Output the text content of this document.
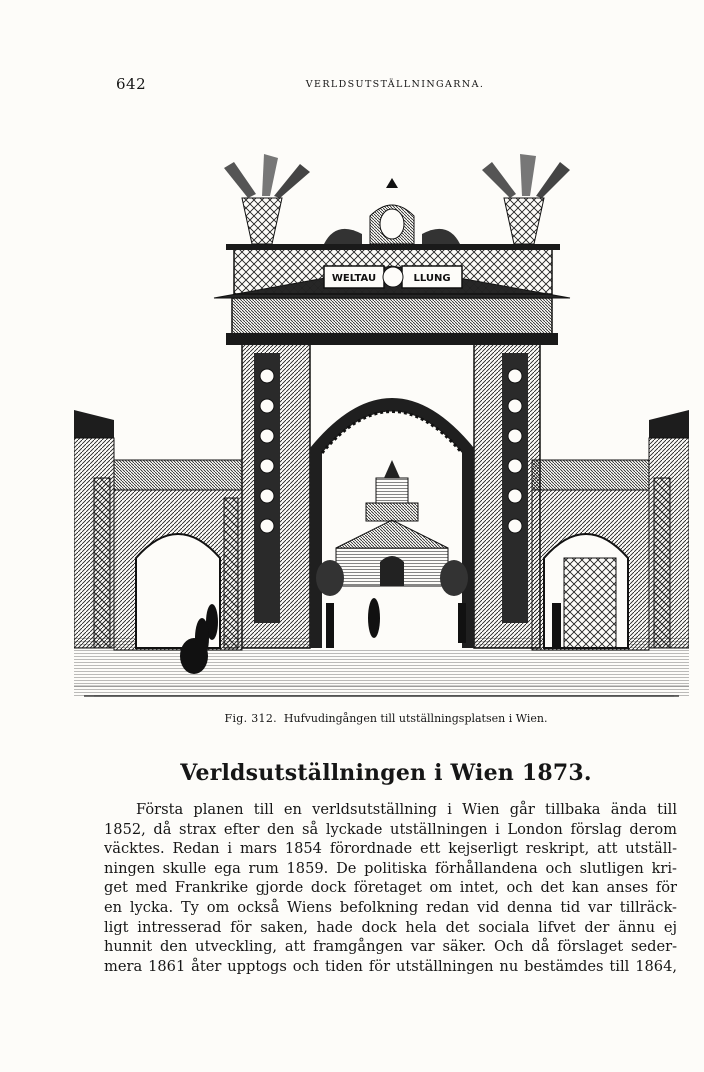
642	VERLDSUTSTÄLLNINGARNA.
WELTAU	LLUNG
Fig. 312. Hufvudingången till utställningsplatsen i Wien.
Verldsutställningen i Wien 1873.
Första planen till en verldsutställning i Wien går tillbaka ända till
1852, då strax efter den så lyckade utställningen i London förslag derom
väcktes. Redan i mars 1854 förordnade ett kejserligt reskript, att utställ-
ningen skulle ega rum 1859. De politiska förhållandena och slutligen kri-
get med Frankrike gjorde dock företaget om intet, och det kan anses för
en lycka. Ty om också Wiens befolkning redan vid denna tid var tillräck-
ligt intresserad för saken, hade dock hela det sociala lifvet der ännu ej
hunnit den utveckling, att framgången var säker. Och då förslaget seder-
mera 1861 åter upptogs och tiden för utställningen nu bestämdes till 1864,
